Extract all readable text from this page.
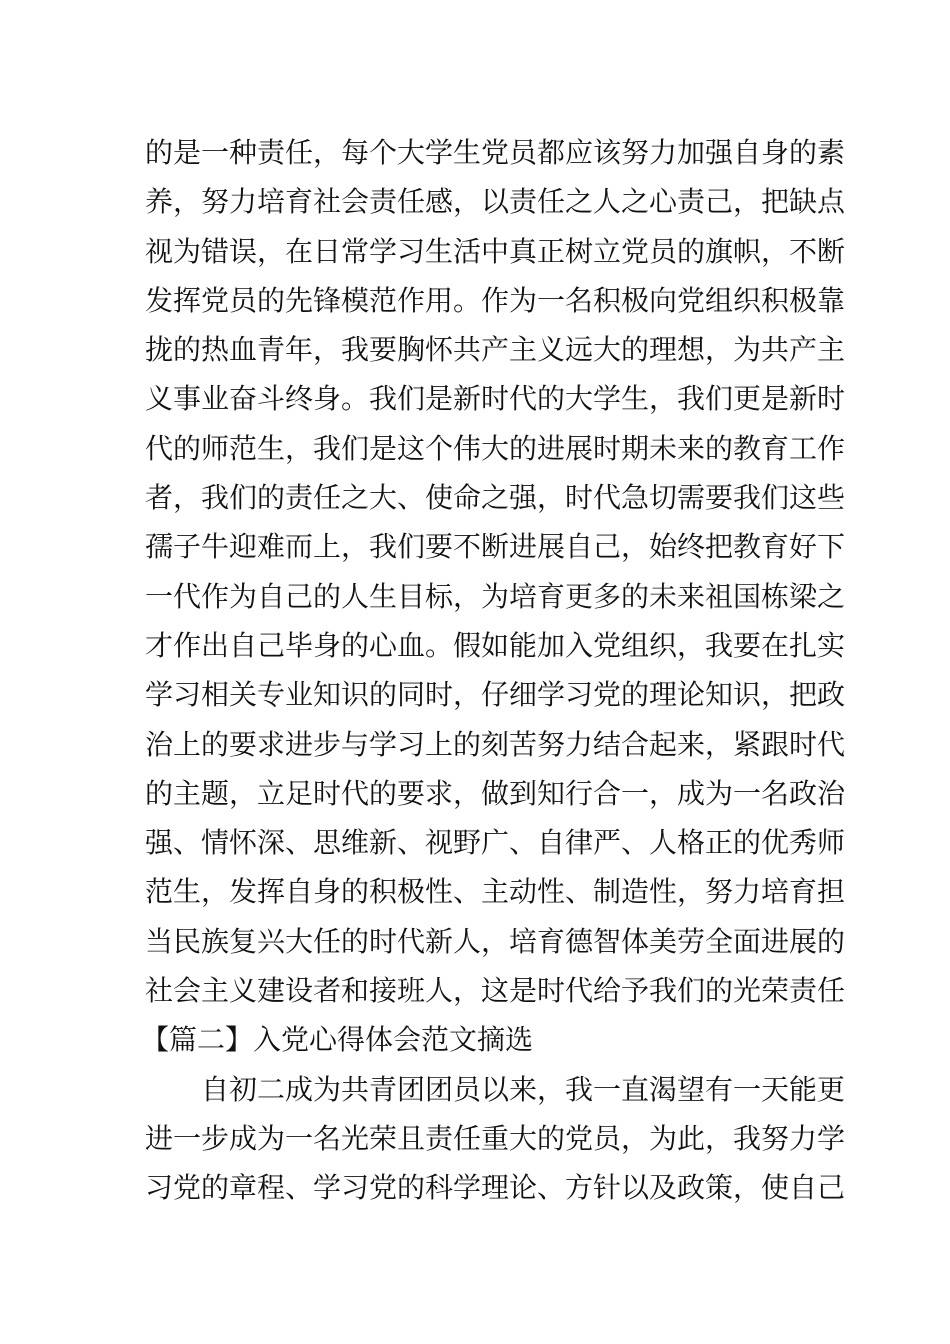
的是一种责任，每个大学生党员都应该努力加强自身的素
养，努力培育社会责任感，以责任之人之心责己，把缺点
视为错误，在日常学习生活中真正树立党员的旗帜，不断
发挥党员的先锋模范作用。作为一名积极向党组织积极靠
拢的热血青年，我要胸怀共产主义远大的理想，为共产主
义事业奋斗终身。我们是新时代的大学生，我们更是新时
代的师范生，我们是这个伟大的进展时期未来的教育工作
者，我们的责任之大、使命之强，时代急切需要我们这些
孺子牛迎难而上，我们要不断进展自己，始终把教育好下
一代作为自己的人生目标，为培育更多的未来祖国栋梁之
才作出自己毕身的心血。假如能加入党组织，我要在扎实
学习相关专业知识的同时，仔细学习党的理论知识，把政
治上的要求进步与学习上的刻苦努力结合起来，紧跟时代
的主题，立足时代的要求，做到知行合一，成为一名政治
强、情怀深、思维新、视野广、自律严、人格正的优秀师
范生，发挥自身的积极性、主动性、制造性，努力培育担
当民族复兴大任的时代新人，培育德智体美劳全面进展的
社会主义建设者和接班人，这是时代给予我们的光荣责任
【篇二】入党心得体会范文摘选
自初二成为共青团团员以来，我一直渴望有一天能更
进一步成为一名光荣且责任重大的党员，为此，我努力学
习党的章程、学习党的科学理论、方针以及政策，使自己
